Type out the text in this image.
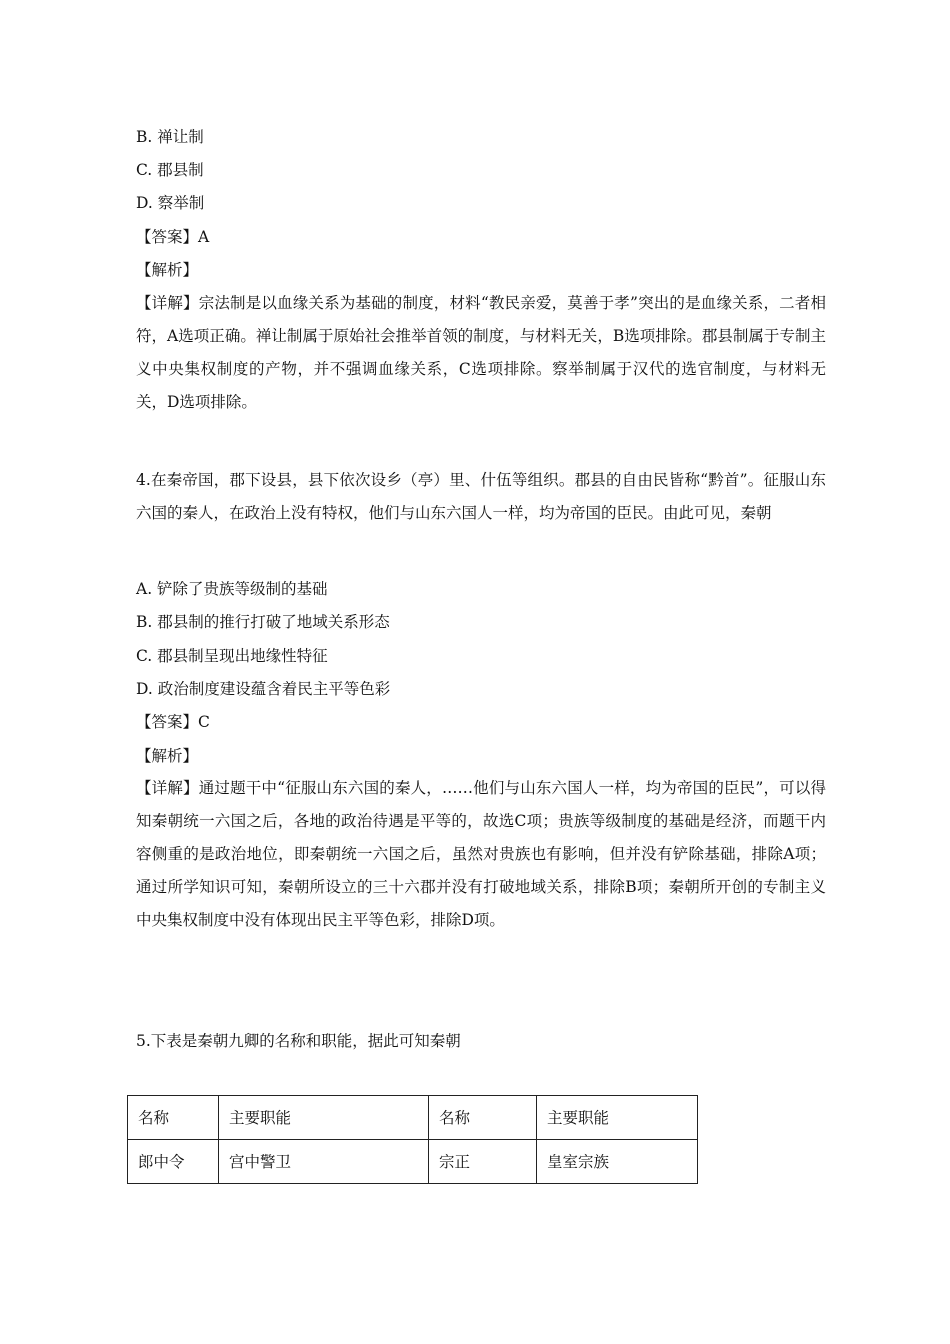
B. 禅让制
C. 郡县制
D. 察举制
【答案】A
【解析】
【详解】宗法制是以血缘关系为基础的制度，材料“教民亲爱，莫善于孝”突出的是血缘关系，二者相符，A选项正确。禅让制属于原始社会推举首领的制度，与材料无关，B选项排除。郡县制属于专制主义中央集权制度的产物，并不强调血缘关系，C选项排除。察举制属于汉代的选官制度，与材料无关，D选项排除。
4.在秦帝国，郡下设县，县下依次设乡（亭）里、什伍等组织。郡县的自由民皆称“黔首”。征服山东六国的秦人，在政治上没有特权，他们与山东六国人一样，均为帝国的臣民。由此可见，秦朝
A. 铲除了贵族等级制的基础
B. 郡县制的推行打破了地域关系形态
C. 郡县制呈现出地缘性特征
D. 政治制度建设蕴含着民主平等色彩
【答案】C
【解析】
【详解】通过题干中“征服山东六国的秦人，……他们与山东六国人一样，均为帝国的臣民”，可以得知秦朝统一六国之后，各地的政治待遇是平等的，故选C项；贵族等级制度的基础是经济，而题干内容侧重的是政治地位，即秦朝统一六国之后，虽然对贵族也有影响，但并没有铲除基础，排除A项；通过所学知识可知，秦朝所设立的三十六郡并没有打破地域关系，排除B项；秦朝所开创的专制主义中央集权制度中没有体现出民主平等色彩，排除D项。
5.下表是秦朝九卿的名称和职能，据此可知秦朝
名称	主要职能	名称	主要职能
郎中令	宫中警卫	宗正	皇室宗族
